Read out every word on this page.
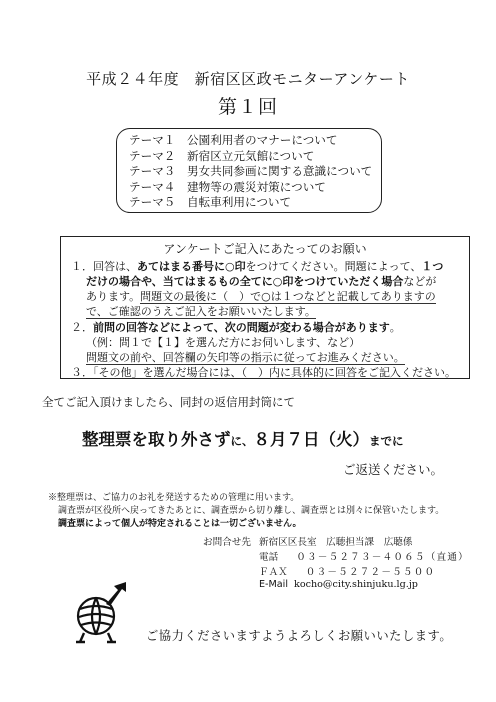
平成２４年度　新宿区区政モニターアンケート
第１回
テーマ１ 公園利用者のマナーについて
テーマ２ 新宿区立元気館について
テーマ３ 男女共同参画に関する意識について
テーマ４ 建物等の震災対策について
テーマ５ 自転車利用について
アンケートご記入にあたってのお願い
１．回答は、あてはまる番号に○印をつけてください。問題によって、１つ
だけの場合や、当てはまるもの全てに○印をつけていただく場合などが
あります。問題文の最後に（　）で○は１つなどと記載してありますの
で、ご確認のうえご記入をお願いいたします。
２．前問の回答などによって、次の問題が変わる場合があります。
（例：問１で【１】を選んだ方にお伺いします、など）
問題文の前や、回答欄の矢印等の指示に従ってお進みください。
３．「その他」を選んだ場合には、（　）内に具体的に回答をご記入ください。
全てご記入頂けましたら、同封の返信用封筒にて
整理票を取り外さずに、８月７日（火）までに
ご返送ください。
※整理票は、ご協力のお礼を発送するための管理に用います。
調査票が区役所へ戻ってきたあとに、調査票から切り離し、調査票とは別々に保管いたします。
調査票によって個人が特定されることは一切ございません。
お問合せ先 新宿区区長室　広聴担当課　広聴係
電話 ０３－５２７３－４０６５（直通）
ＦＡＸ ０３－５２７２－５５００
E-Mail kocho@city.shinjuku.lg.jp
ご協力くださいますようよろしくお願いいたします。
